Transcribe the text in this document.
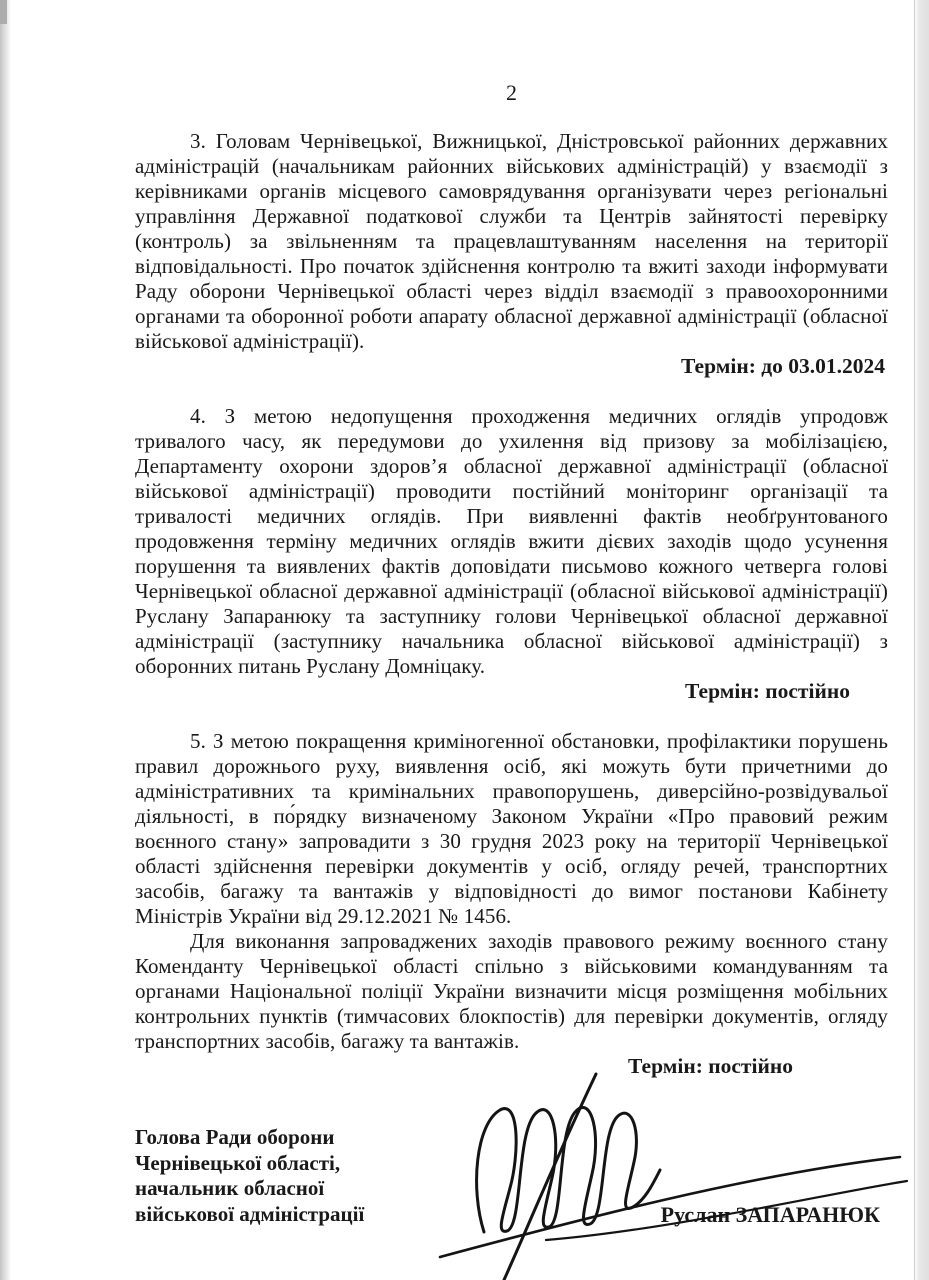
2

3. Головам Чернівецької, Вижницької, Дністровської районних державних адміністрацій (начальникам районних військових адміністрацій) у взаємодії з керівниками органів місцевого самоврядування організувати через регіональні управління Державної податкової служби та Центрів зайнятості перевірку (контроль) за звільненням та працевлаштуванням населення на території відповідальності. Про початок здійснення контролю та вжиті заходи інформувати Раду оборони Чернівецької області через відділ взаємодії з правоохоронними органами та оборонної роботи апарату обласної державної адміністрації (обласної військової адміністрації).

Термін: до 03.01.2024

4. З метою недопущення проходження медичних оглядів упродовж тривалого часу, як передумови до ухилення від призову за мобілізацією, Департаменту охорони здоров’я обласної державної адміністрації (обласної військової адміністрації) проводити постійний моніторинг організації та тривалості медичних оглядів. При виявленні фактів необґрунтованого продовження терміну медичних оглядів вжити дієвих заходів щодо усунення порушення та виявлених фактів доповідати письмово кожного четверга голові Чернівецької обласної державної адміністрації (обласної військової адміністрації) Руслану Запаранюку та заступнику голови Чернівецької обласної державної адміністрації (заступнику начальника обласної військової адміністрації) з оборонних питань Руслану Домніцаку.

Термін: постійно

5. З метою покращення криміногенної обстановки, профілактики порушень правил дорожнього руху, виявлення осіб, які можуть бути причетними до адміністративних та кримінальних правопорушень, диверсійно-розвідувальої діяльності, в по́рядку визначеному Законом України «Про правовий режим воєнного стану» запровадити з 30 грудня 2023 року на території Чернівецької області здійснення перевірки документів у осіб, огляду речей, транспортних засобів, багажу та вантажів у відповідності до вимог постанови Кабінету Міністрів України від 29.12.2021 № 1456.

Для виконання запроваджених заходів правового режиму воєнного стану Коменданту Чернівецької області спільно з військовими командуванням та органами Національної поліції України визначити місця розміщення мобільних контрольних пунктів (тимчасових блокпостів) для перевірки документів, огляду транспортних засобів, багажу та вантажів.

Термін: постійно

Голова Ради оборони
Чернівецької області,
начальник обласної
військової адміністрації	Руслан ЗАПАРАНЮК
